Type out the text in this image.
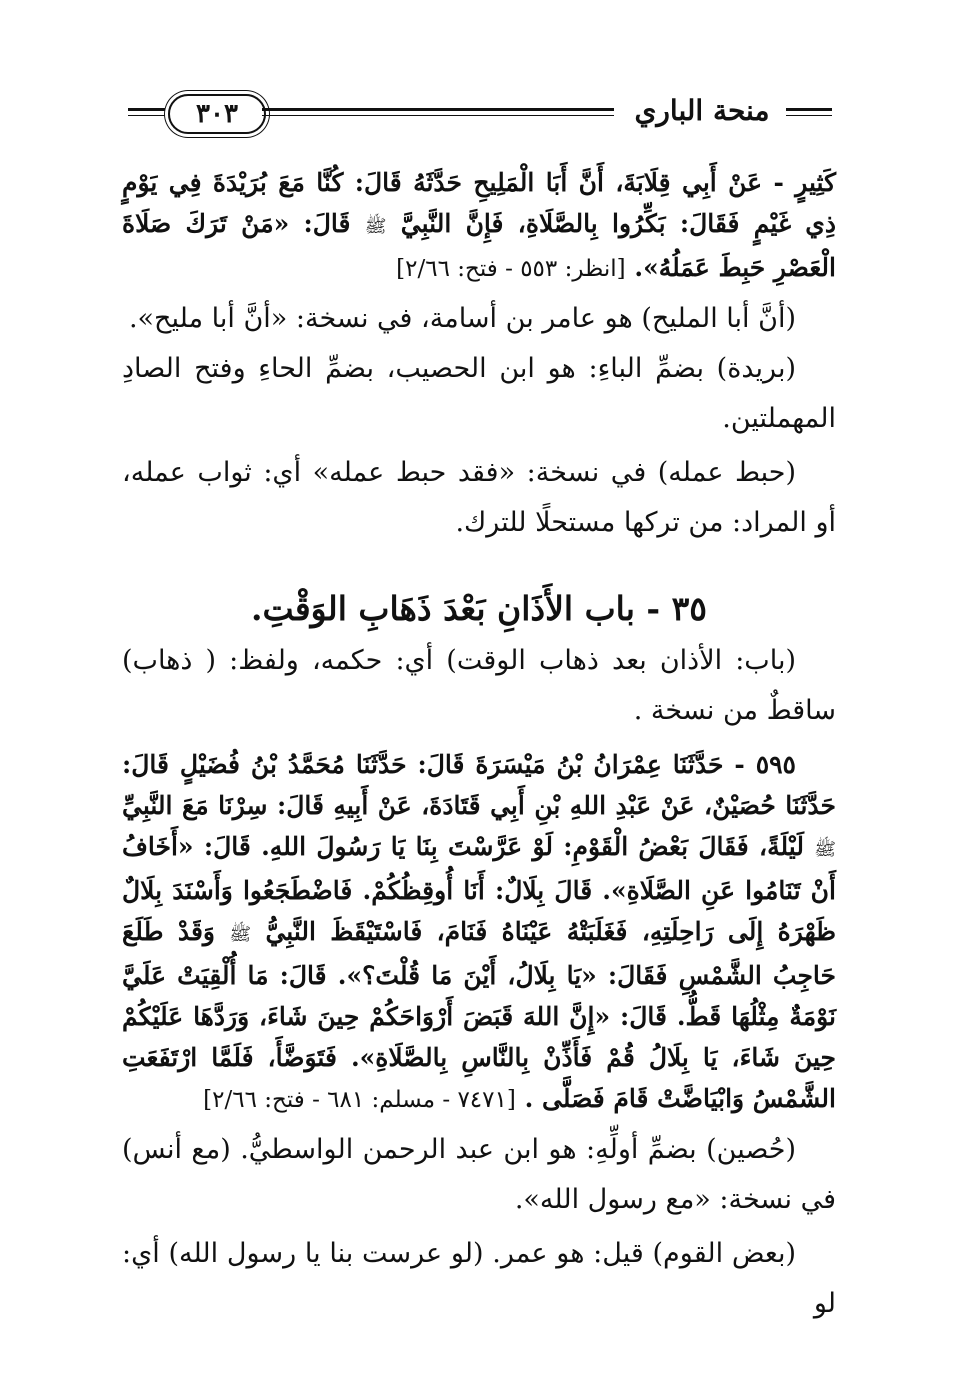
٣٠٣	منحة الباري

كَثِيرٍ - عَنْ أَبِي قِلَابَةَ، أَنَّ أَبَا الْمَلِيحِ حَدَّثَهُ قَالَ: كُنَّا مَعَ بُرَيْدَةَ فِي يَوْمٍ ذِي غَيْمٍ فَقَالَ: بَكِّرُوا بِالصَّلَاةِ، فَإِنَّ النَّبِيَّ ﷺ قَالَ: «مَنْ تَرَكَ صَلَاةَ الْعَصْرِ حَبِطَ عَمَلُهُ». [انظر: ٥٥٣ - فتح: ٢/٦٦]

(أنَّ أبا المليح) هو عامر بن أسامة، في نسخة: «أنَّ أبا مليح».

(بريدة) بضمِّ الباءِ: هو ابن الحصيب، بضمِّ الحاءِ وفتح الصادِ المهملتين.

(حبط عمله) في نسخة: «فقد حبط عمله» أي: ثواب عمله، أو المراد: من تركها مستحلًا للترك.

٣٥ - باب الأَذَانِ بَعْدَ ذَهَابِ الوَقْتِ.

(باب: الأذان بعد ذهاب الوقت) أي: حكمه، ولفظ: ( ذهاب) ساقطٌ من نسخة .

٥٩٥ - حَدَّثَنَا عِمْرَانُ بْنُ مَيْسَرَةَ قَالَ: حَدَّثَنَا مُحَمَّدُ بْنُ فُضَيْلٍ قَالَ: حَدَّثَنَا حُصَيْنٌ، عَنْ عَبْدِ اللهِ بْنِ أَبِي قَتَادَةَ، عَنْ أَبِيهِ قَالَ: سِرْنَا مَعَ النَّبِيِّ ﷺ لَيْلَةً، فَقَالَ بَعْضُ الْقَوْمِ: لَوْ عَرَّسْتَ بِنَا يَا رَسُولَ اللهِ. قَالَ: «أَخَافُ أَنْ تَنَامُوا عَنِ الصَّلَاةِ». قَالَ بِلَالٌ: أَنَا أُوقِظُكُمْ. فَاضْطَجَعُوا وَأَسْنَدَ بِلَالٌ ظَهْرَهُ إِلَى رَاحِلَتِهِ، فَغَلَبَتْهُ عَيْنَاهُ فَنَامَ، فَاسْتَيْقَظَ النَّبِيُّ ﷺ وَقَدْ طَلَعَ حَاجِبُ الشَّمْسِ فَقَالَ: «يَا بِلَالُ، أَيْنَ مَا قُلْتَ؟». قَالَ: مَا أُلْقِيَتْ عَلَيَّ نَوْمَةٌ مِثْلُهَا قَطُّ. قَالَ: «إِنَّ اللهَ قَبَضَ أَرْوَاحَكُمْ حِينَ شَاءَ، وَرَدَّهَا عَلَيْكُمْ حِينَ شَاءَ، يَا بِلَالُ قُمْ فَأَذِّنْ بِالنَّاسِ بِالصَّلَاةِ». فَتَوَضَّأَ، فَلَمَّا ارْتَفَعَتِ الشَّمْسُ وَابْيَاضَّتْ قَامَ فَصَلَّى . [٧٤٧١ - مسلم: ٦٨١ - فتح: ٢/٦٦]

(حُصين) بضمِّ أولِّهِ: هو ابن عبد الرحمن الواسطيُّ. (مع أنس) في نسخة: «مع رسول الله».

(بعض القوم) قيل: هو عمر. (لو عرست بنا يا رسول الله) أي: لو
